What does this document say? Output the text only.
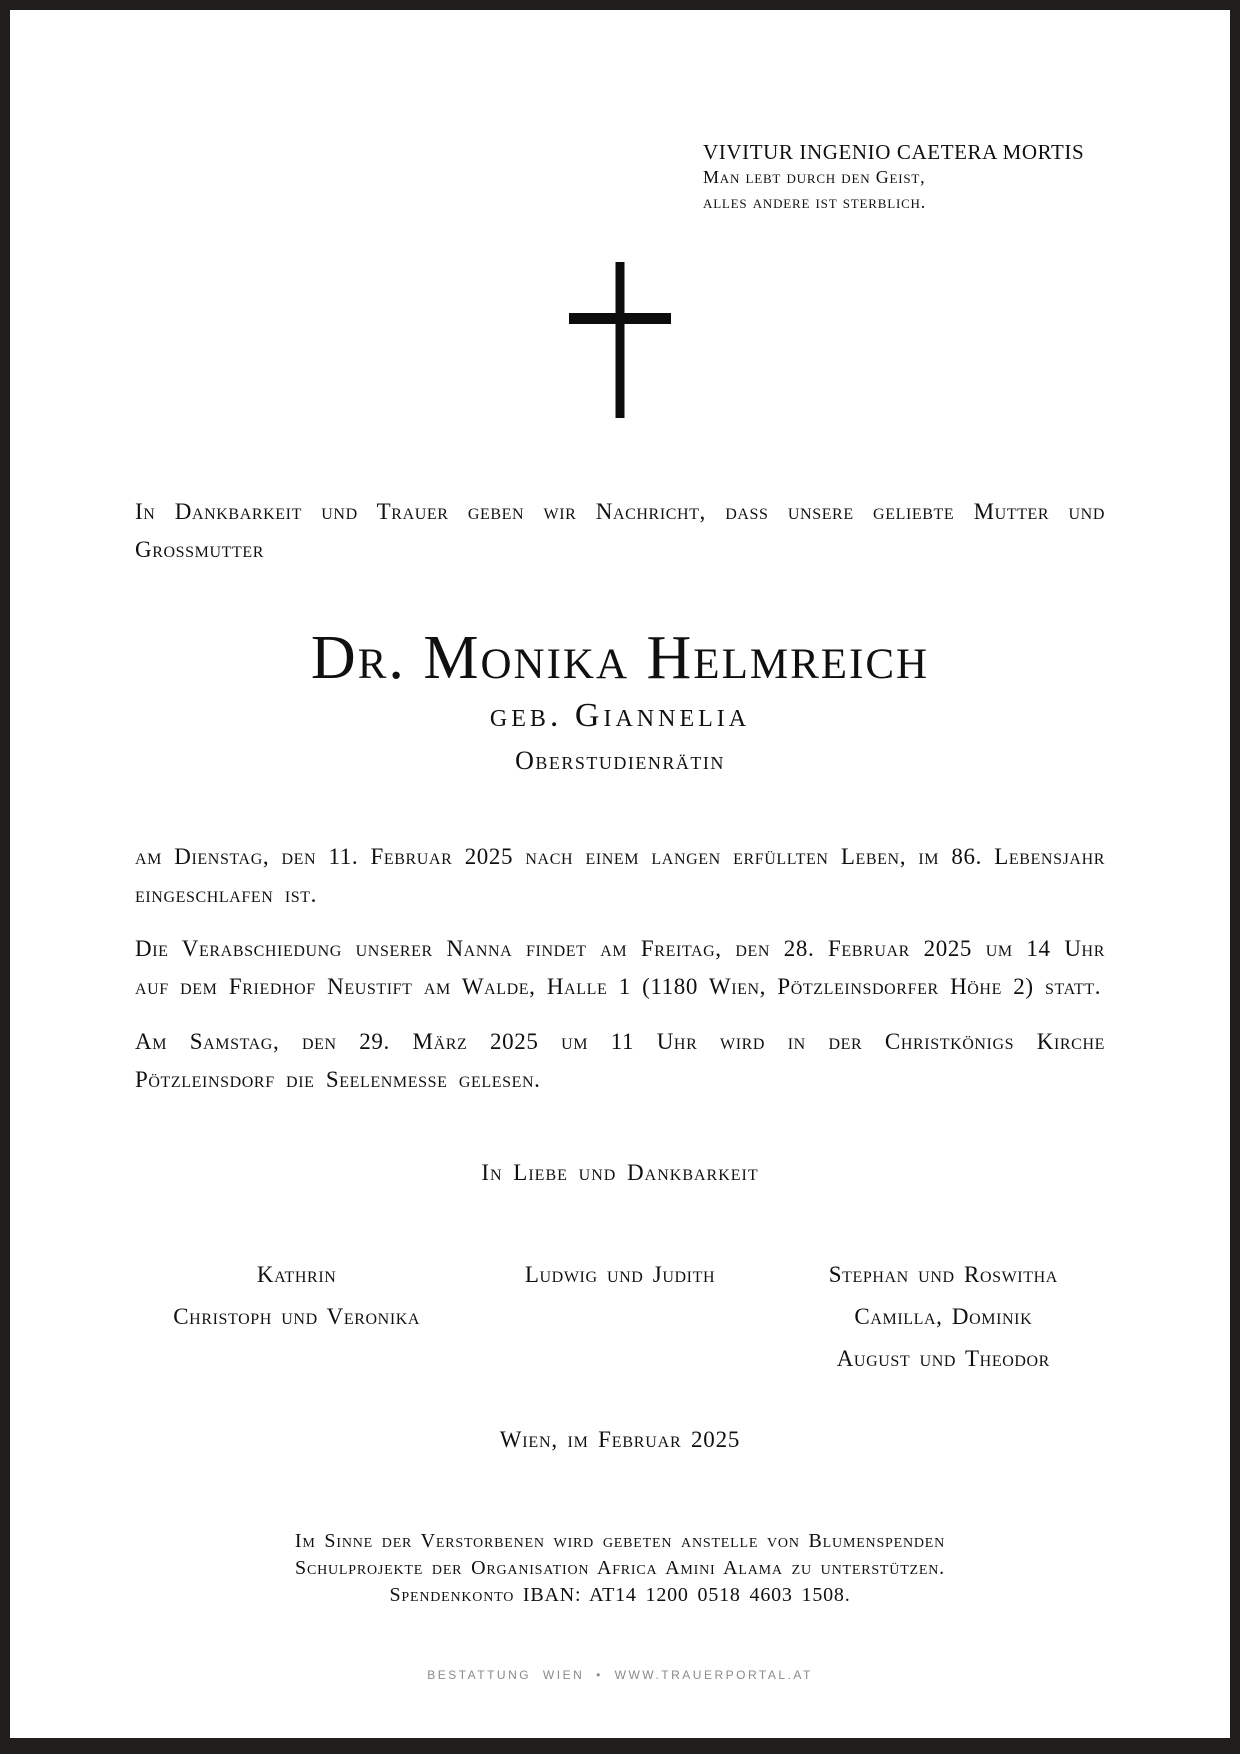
VIVITUR INGENIO CAETERA MORTIS
Man lebt durch den Geist,
alles andere ist sterblich.
In Dankbarkeit und Trauer geben wir Nachricht, dass unsere geliebte Mutter und Grossmutter
Dr. Monika Helmreich
geb. Giannelia
Oberstudienrätin
am Dienstag, den 11. Februar 2025 nach einem langen erfüllten Leben, im 86. Lebensjahr eingeschlafen ist.
Die Verabschiedung unserer Nanna findet am Freitag, den 28. Februar 2025 um 14 Uhr auf dem Friedhof Neustift am Walde, Halle 1 (1180 Wien, Pötzleinsdorfer Höhe 2) statt.
Am Samstag, den 29. März 2025 um 11 Uhr wird in der Christkönigs Kirche Pötzleinsdorf die Seelenmesse gelesen.
In Liebe und Dankbarkeit
Kathrin	Ludwig und Judith	Stephan und Roswitha
Christoph und Veronika	Camilla, Dominik
August und Theodor
Wien, im Februar 2025
Im Sinne der Verstorbenen wird gebeten anstelle von Blumenspenden
Schulprojekte der Organisation Africa Amini Alama zu unterstützen.
Spendenkonto IBAN: AT14 1200 0518 4603 1508.
BESTATTUNG WIEN • WWW.TRAUERPORTAL.AT
